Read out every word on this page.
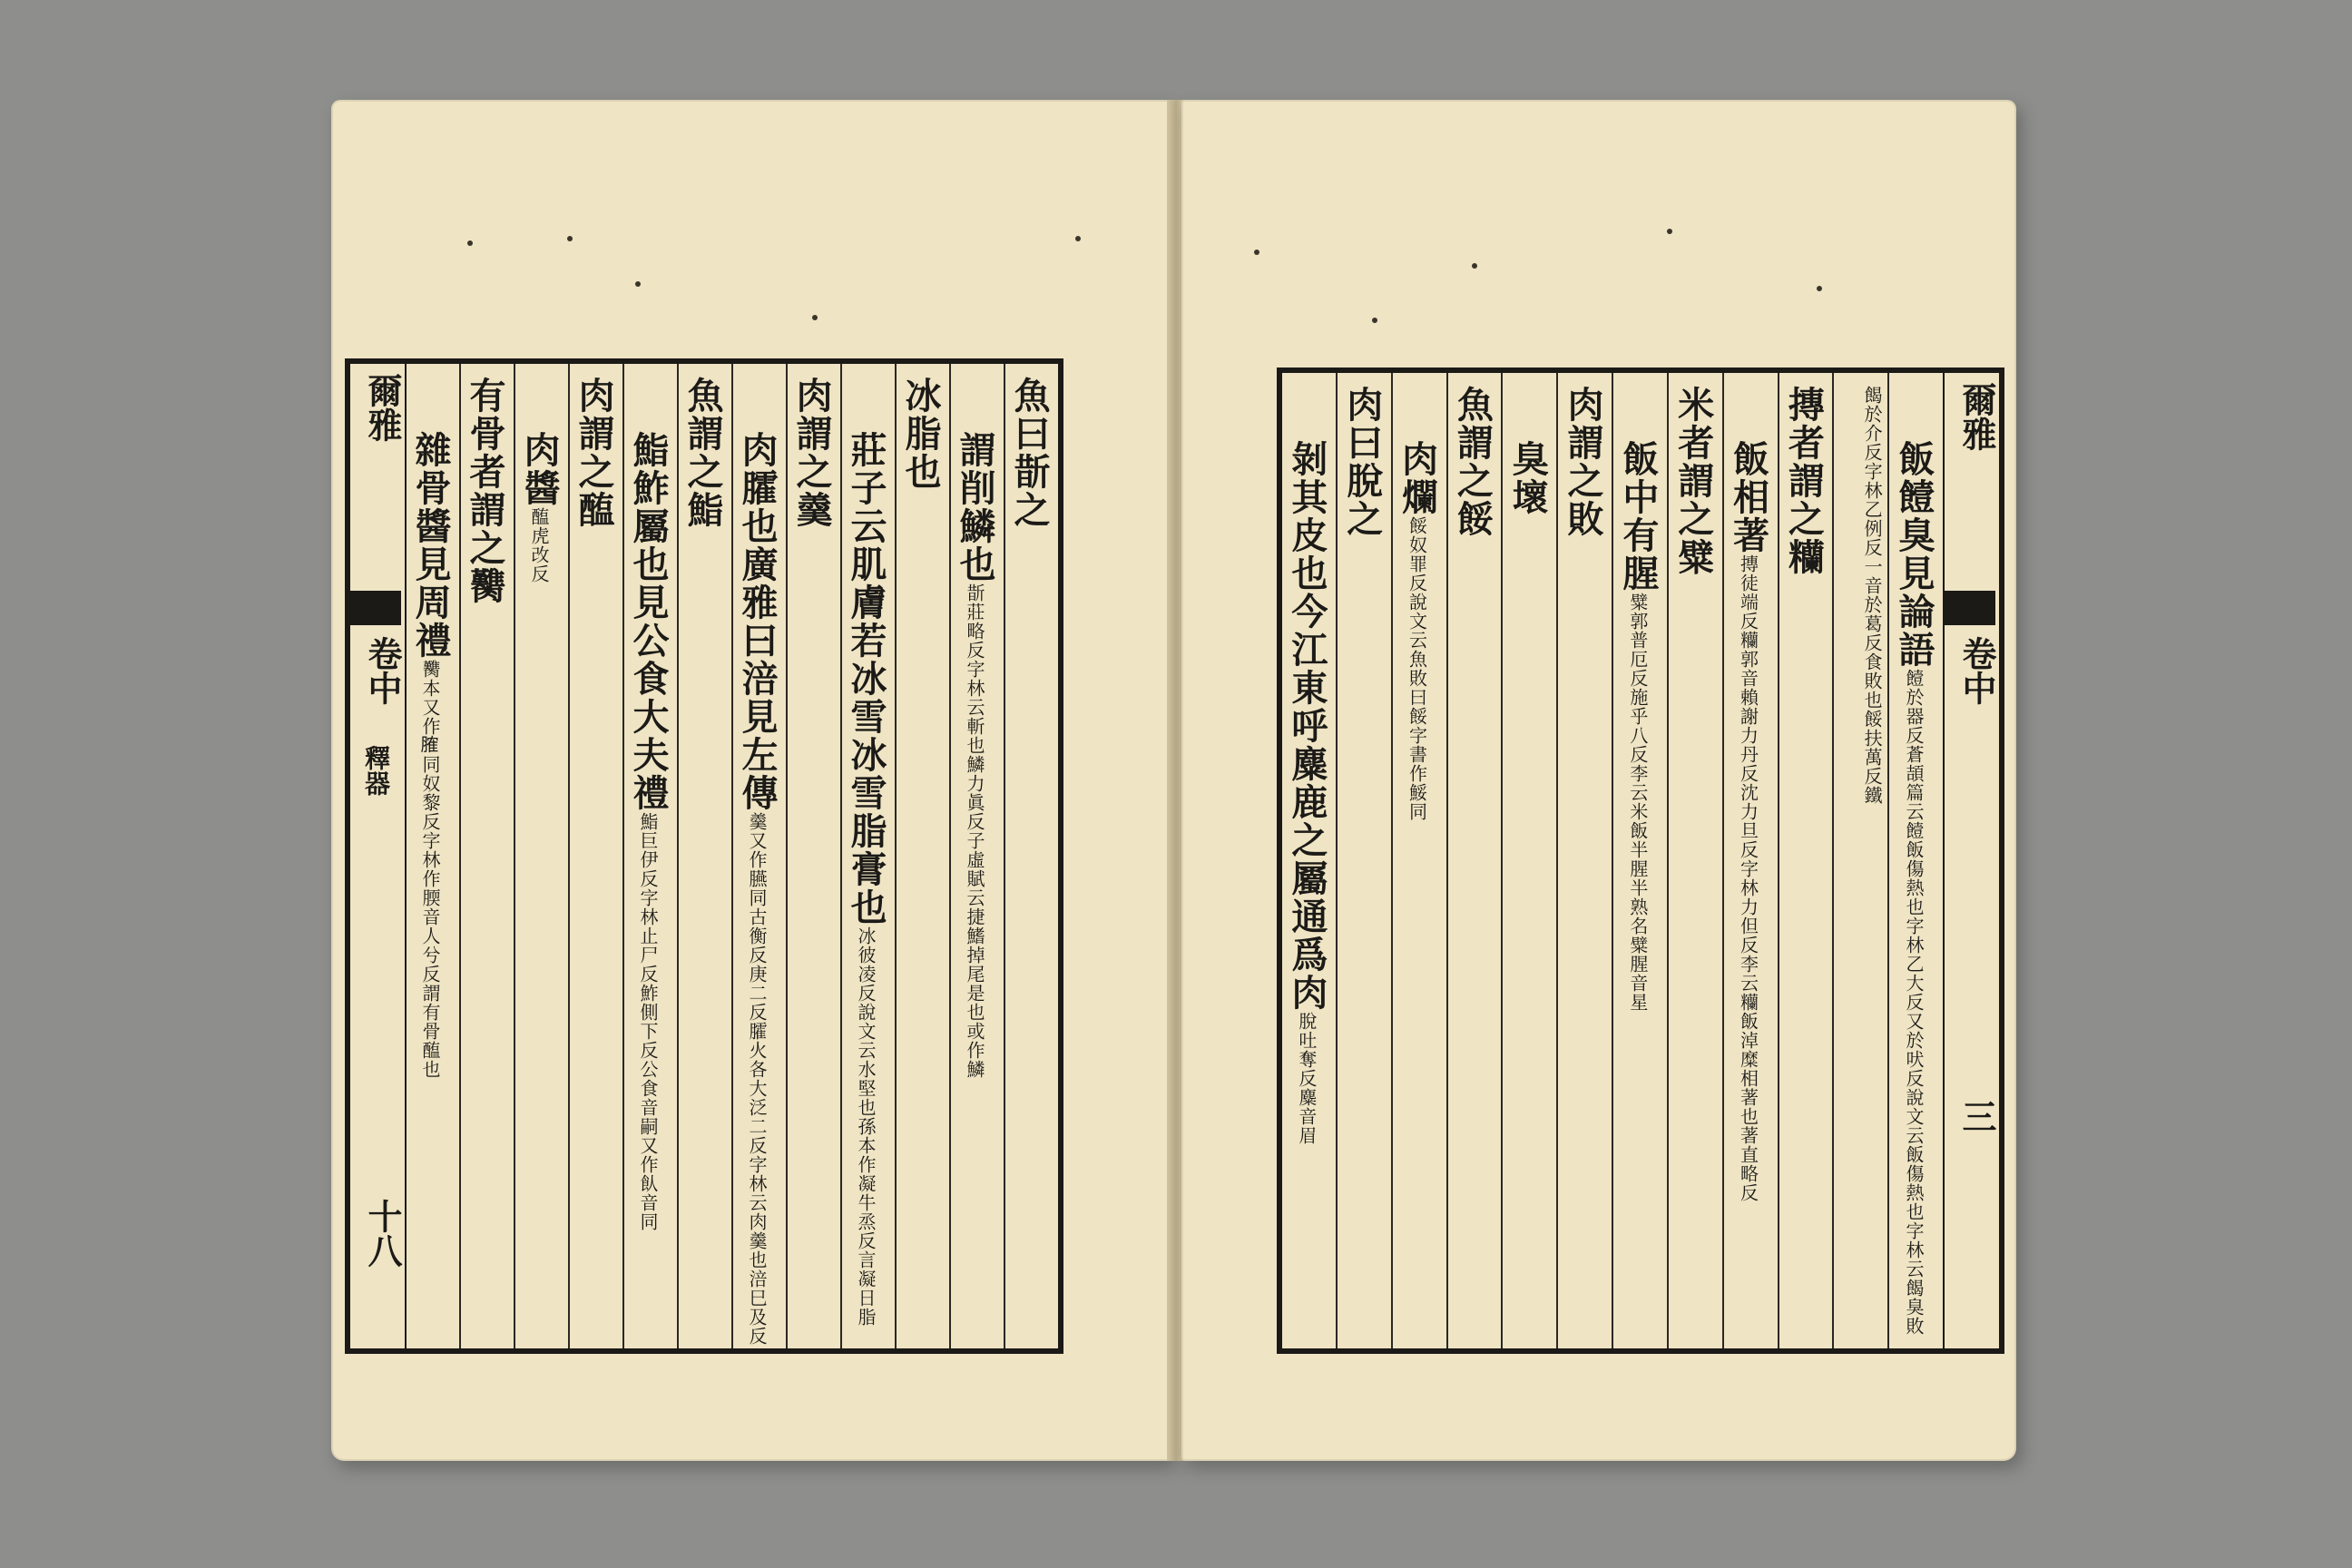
爾雅
卷中
釋器
十八
魚曰斮之
謂削鱗也斮莊略反字林云斬也鱗力眞反子虛賦云捷鰭掉尾是也或作鱗
冰脂也
莊子云肌膚若冰雪冰雪脂膏也冰彼凌反說文云水堅也孫本作凝牛烝反言凝日脂
肉謂之羹
肉臛也廣雅曰涪見左傳羹又作臙同古衡反庚二反臛火各大泛二反字林云肉羹也涪巳及反
魚謂之鮨
鮨鮓屬也見公食大夫禮鮨巨伊反字林止尸反鮓側下反公食音嗣又作飤音同
肉謂之醢
肉醬醢虎改反
有骨者謂之臡
雜骨醬見周禮臡本又作𦞦同奴黎反字林作腝音人兮反謂有骨醢也
爾雅
卷中
三
飯饐臭見論語饐於器反蒼頡篇云饐飯傷熱也字林乙大反又於吠反說文云飯傷熱也字林云餲臭敗
餲於介反字林乙例反一音於葛反食敗也餒扶萬反鐵
摶者謂之糷
飯相著摶徒端反糷郭音賴謝力丹反沈力旦反字林力但反李云糷飯淖糜相著也著直略反
米者謂之糪
飯中有腥糪郭普厄反施乎八反李云米飯半腥半熟名糪腥音星
肉謂之敗
臭壞
魚謂之餒
肉爛餒奴罪反說文云魚敗曰餒字書作鮾同
肉曰脫之
剝其皮也今江東呼麋鹿之屬通爲肉脫吐奪反麋音眉
